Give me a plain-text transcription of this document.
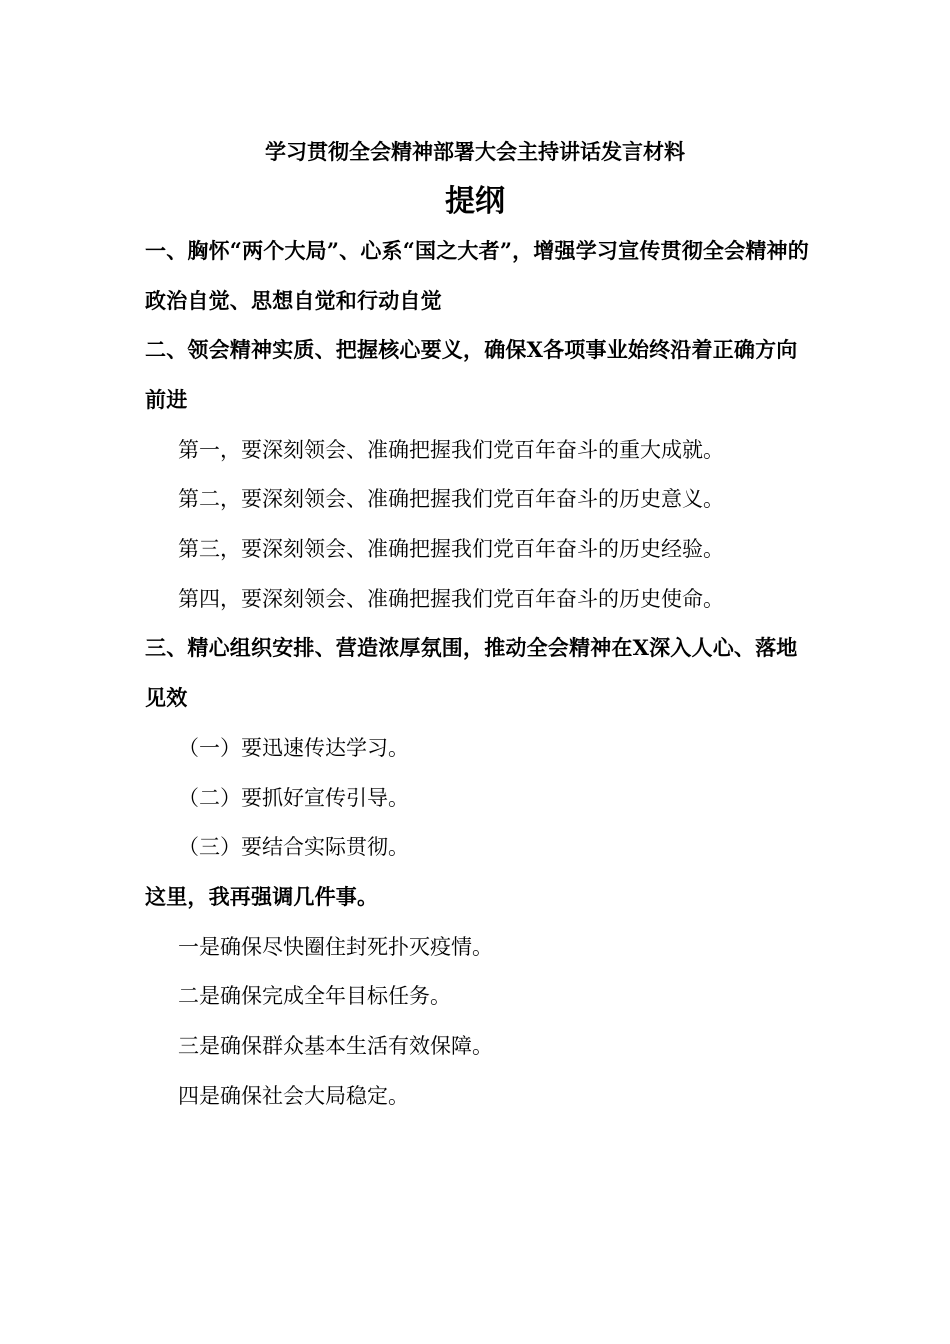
学习贯彻全会精神部署大会主持讲话发言材料
提纲
一、胸怀“两个大局”、心系“国之大者”，增强学习宣传贯彻全会精神的政治自觉、思想自觉和行动自觉
二、领会精神实质、把握核心要义，确保X各项事业始终沿着正确方向前进
第一，要深刻领会、准确把握我们党百年奋斗的重大成就。
第二，要深刻领会、准确把握我们党百年奋斗的历史意义。
第三，要深刻领会、准确把握我们党百年奋斗的历史经验。
第四，要深刻领会、准确把握我们党百年奋斗的历史使命。
三、精心组织安排、营造浓厚氛围，推动全会精神在X深入人心、落地见效
（一）要迅速传达学习。
（二）要抓好宣传引导。
（三）要结合实际贯彻。
这里，我再强调几件事。
一是确保尽快圈住封死扑灭疫情。
二是确保完成全年目标任务。
三是确保群众基本生活有效保障。
四是确保社会大局稳定。
